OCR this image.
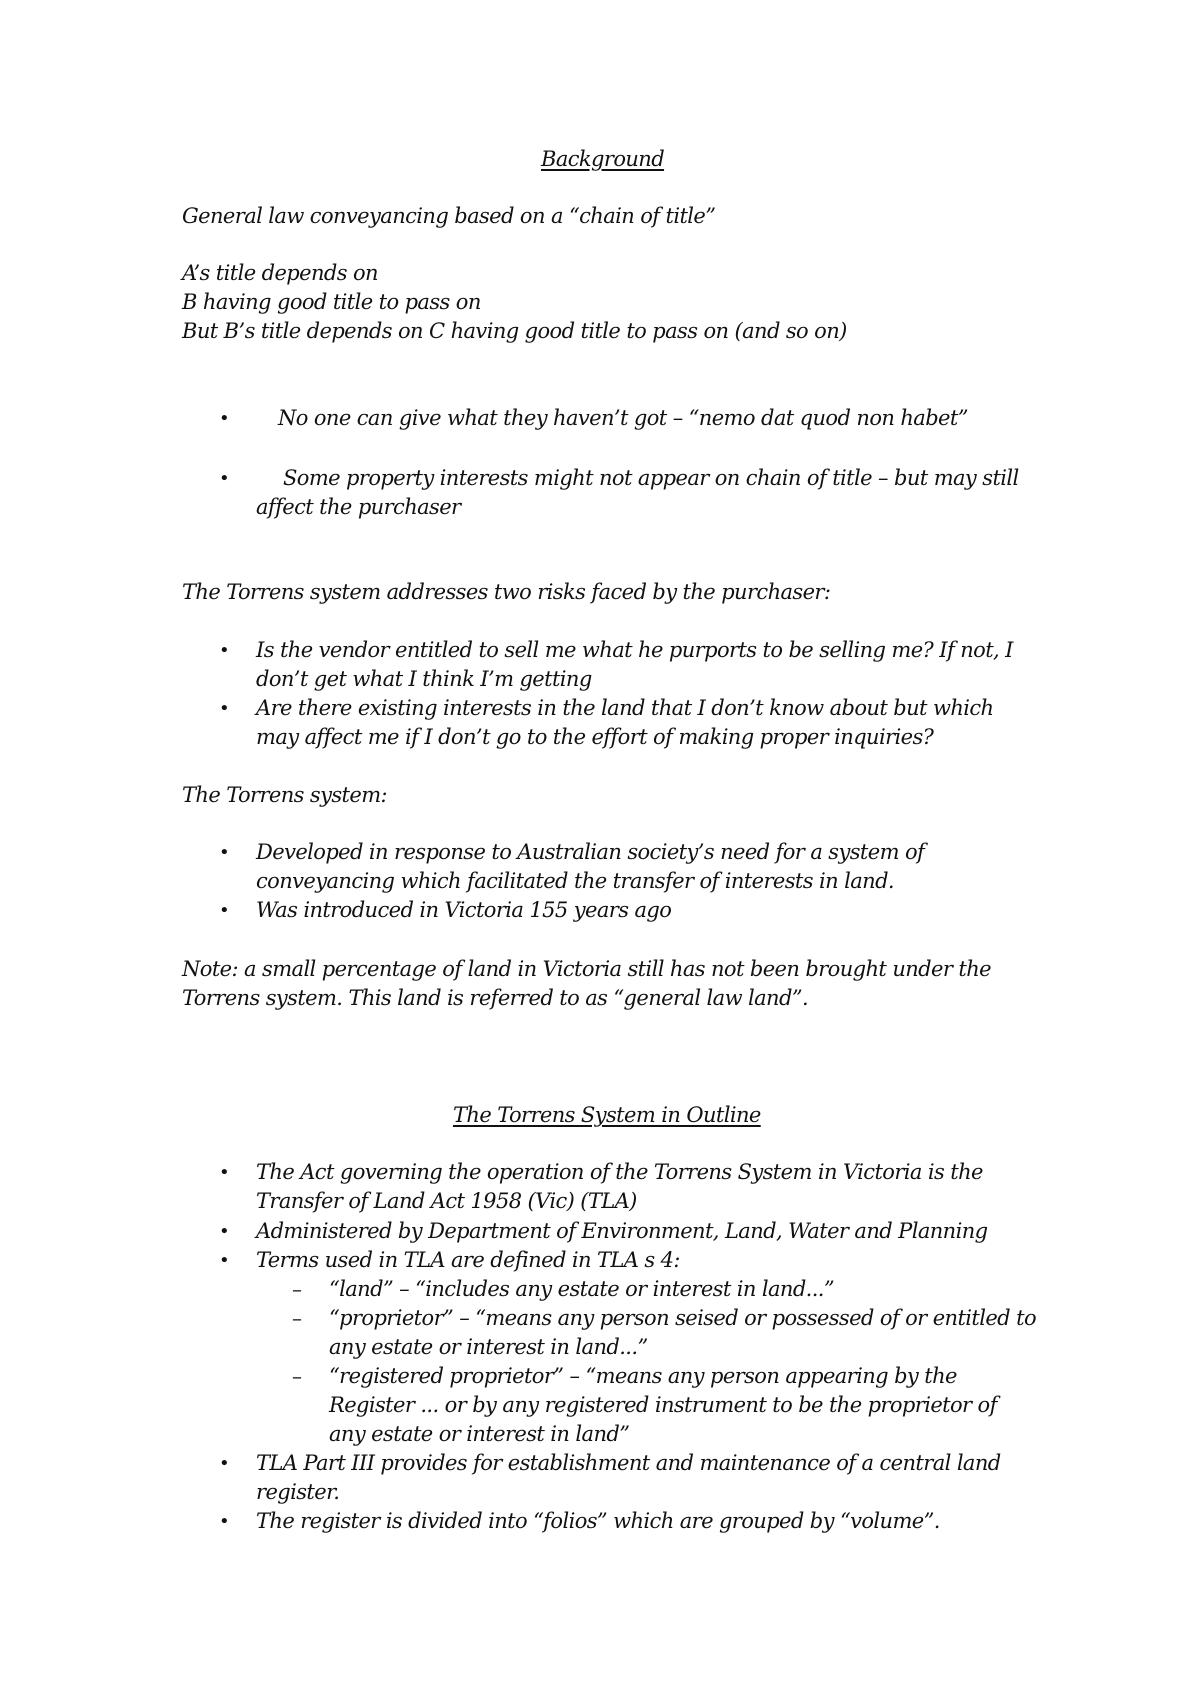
Background

General law conveyancing based on a “chain of title”

A’s title depends on

B having good title to pass on

But B’s title depends on C having good title to pass on (and so on)

• No one can give what they haven’t got – “nemo dat quod non habet”

•	Some property interests might not appear on chain of title – but may still

affect the purchaser

The Torrens system addresses two risks faced by the purchaser:

• Is the vendor entitled to sell me what he purports to be selling me? If not, I

don’t get what I think I’m getting

• Are there existing interests in the land that I don’t know about but which

may affect me if I don’t go to the effort of making proper inquiries?

The Torrens system:

• Developed in response to Australian society’s need for a system of

conveyancing which facilitated the transfer of interests in land.

• Was introduced in Victoria 155 years ago

Note: a small percentage of land in Victoria still has not been brought under the

Torrens system. This land is referred to as “general law land”.

The Torrens System in Outline

• The Act governing the operation of the Torrens System in Victoria is the

Transfer of Land Act 1958 (Vic) (TLA)

• Administered by Department of Environment, Land, Water and Planning

• Terms used in TLA are defined in TLA s 4:

– “land” – “includes any estate or interest in land...”

– “proprietor” – “means any person seised or possessed of or entitled to

any estate or interest in land...”

– “registered proprietor” – “means any person appearing by the

Register ... or by any registered instrument to be the proprietor of

any estate or interest in land”

• TLA Part III provides for establishment and maintenance of a central land

register.

• The register is divided into “folios” which are grouped by “volume”.
